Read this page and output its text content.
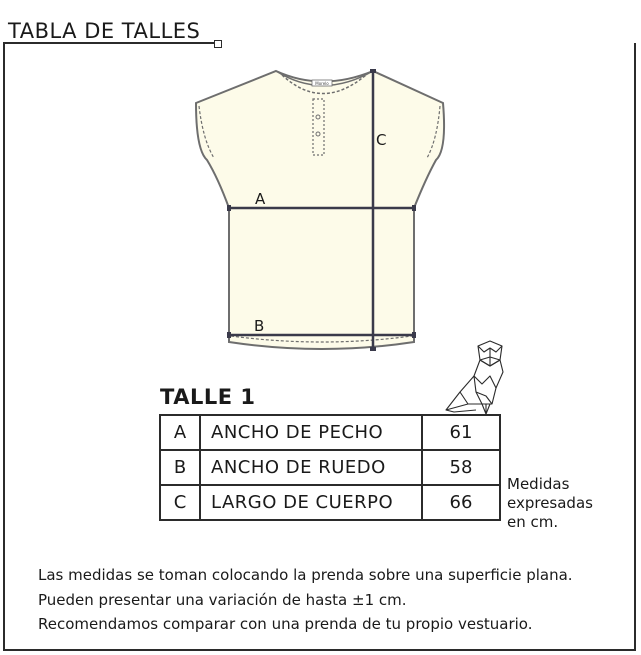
TABLA DE TALLES
Morelo
A
B
C
TALLE 1
A	ANCHO DE PECHO	61
B	ANCHO DE RUEDO	58
C	LARGO DE CUERPO	66
Medidas
expresadas
en cm.
Las medidas se toman colocando la prenda sobre una superficie plana.
Pueden presentar una variación de hasta ±1 cm.
Recomendamos comparar con una prenda de tu propio vestuario.
